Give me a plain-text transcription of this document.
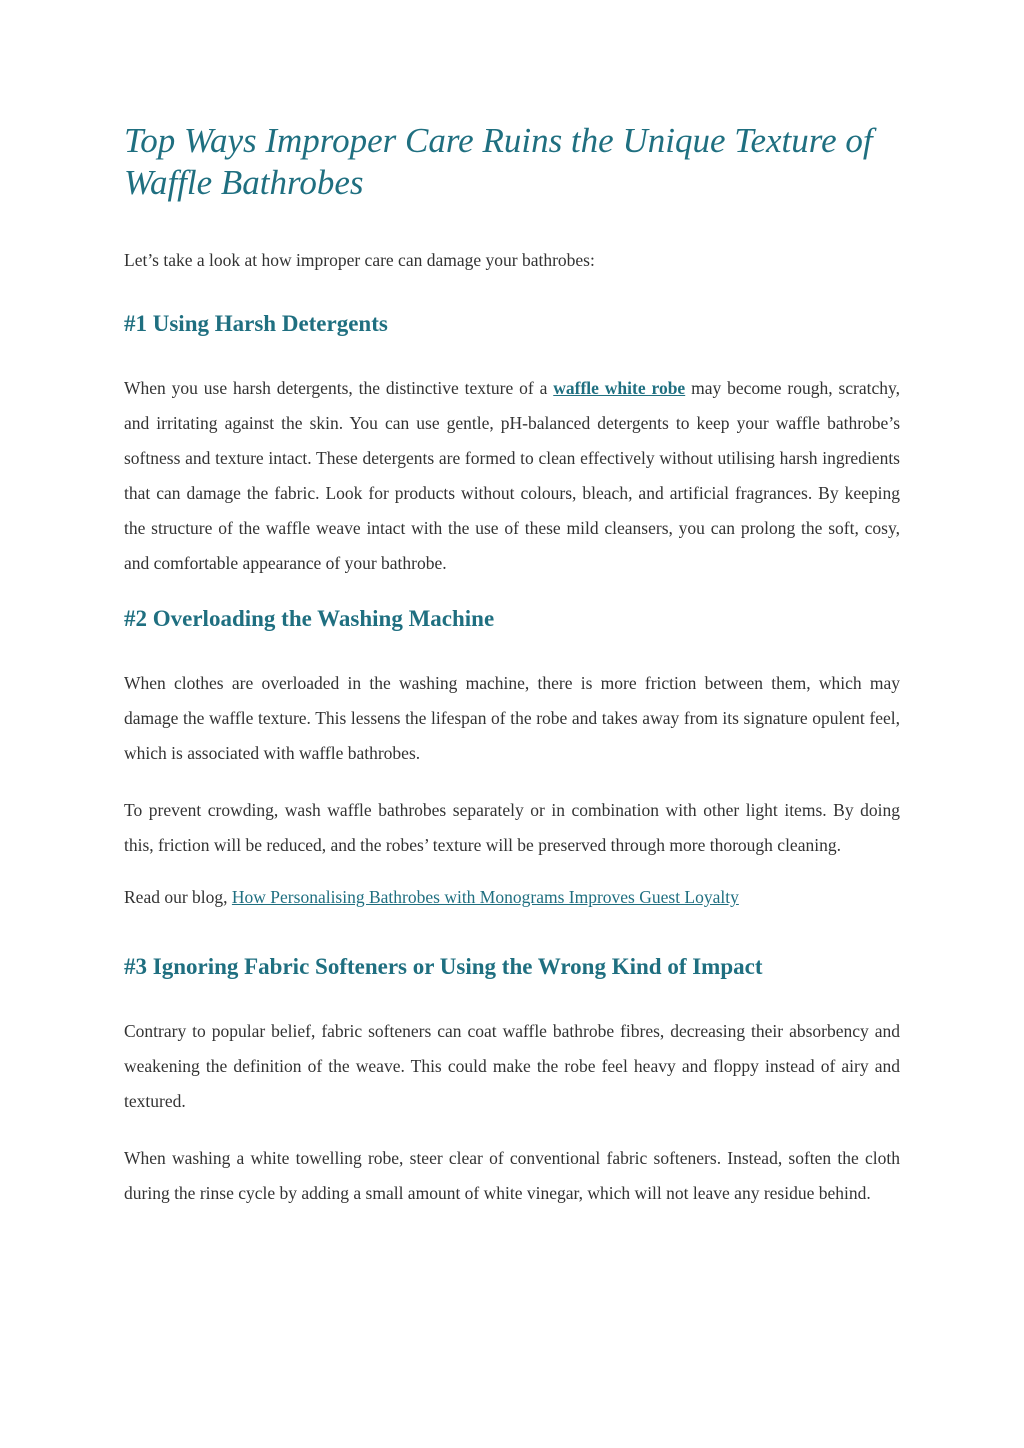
Top Ways Improper Care Ruins the Unique Texture of Waffle Bathrobes

Let’s take a look at how improper care can damage your bathrobes:

#1 Using Harsh Detergents

When you use harsh detergents, the distinctive texture of a waffle white robe may become rough, scratchy, and irritating against the skin. You can use gentle, pH-balanced detergents to keep your waffle bathrobe’s softness and texture intact. These detergents are formed to clean effectively without utilising harsh ingredients that can damage the fabric. Look for products without colours, bleach, and artificial fragrances. By keeping the structure of the waffle weave intact with the use of these mild cleansers, you can prolong the soft, cosy, and comfortable appearance of your bathrobe.

#2 Overloading the Washing Machine

When clothes are overloaded in the washing machine, there is more friction between them, which may damage the waffle texture. This lessens the lifespan of the robe and takes away from its signature opulent feel, which is associated with waffle bathrobes.

To prevent crowding, wash waffle bathrobes separately or in combination with other light items. By doing this, friction will be reduced, and the robes’ texture will be preserved through more thorough cleaning.

Read our blog, How Personalising Bathrobes with Monograms Improves Guest Loyalty

#3 Ignoring Fabric Softeners or Using the Wrong Kind of Impact

Contrary to popular belief, fabric softeners can coat waffle bathrobe fibres, decreasing their absorbency and weakening the definition of the weave. This could make the robe feel heavy and floppy instead of airy and textured.

When washing a white towelling robe, steer clear of conventional fabric softeners. Instead, soften the cloth during the rinse cycle by adding a small amount of white vinegar, which will not leave any residue behind.
